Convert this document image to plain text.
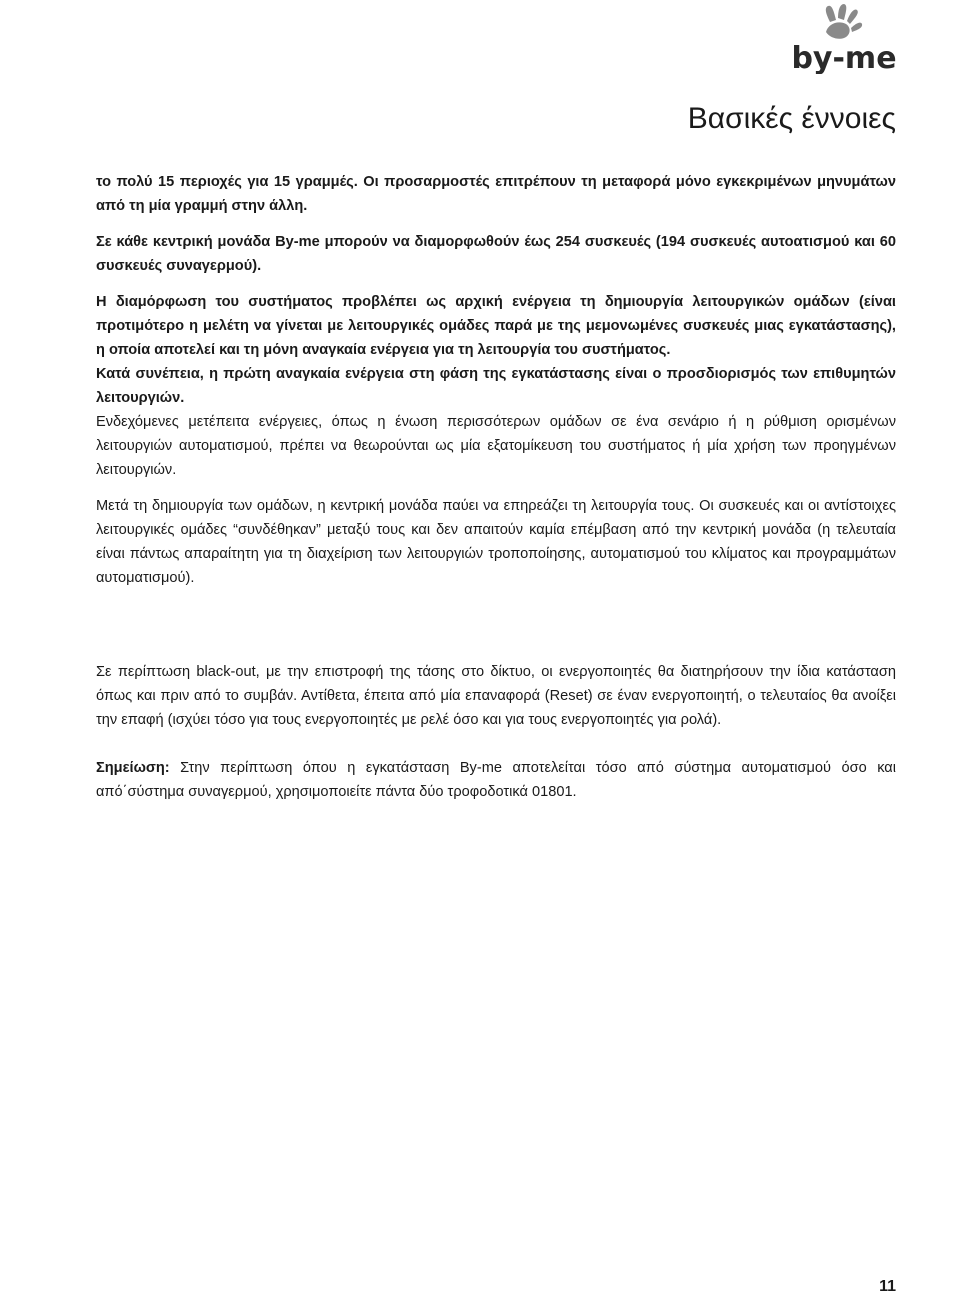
by-me
Βασικές έννοιες

το πολύ 15 περιοχές για 15 γραμμές. Οι προσαρμοστές επιτρέπουν τη μεταφορά μόνο εγκεκριμένων μηνυμάτων από τη μία γραμμή στην άλλη.

Σε κάθε κεντρική μονάδα By-me μπορούν να διαμορφωθούν έως 254 συσκευές (194 συσκευές αυτοατισμού και 60 συσκευές συναγερμού).

Η διαμόρφωση του συστήματος προβλέπει ως αρχική ενέργεια τη δημιουργία λειτουργικών ομάδων (είναι προτιμότερο η μελέτη να γίνεται με λειτουργικές ομάδες παρά με της μεμονωμένες συσκευές μιας εγκατάστασης), η οποία αποτελεί και τη μόνη αναγκαία ενέργεια για τη λειτουργία του συστήματος.

Κατά συνέπεια, η πρώτη αναγκαία ενέργεια στη φάση της εγκατάστασης είναι ο προσδιορισμός των επιθυμητών λειτουργιών.

Ενδεχόμενες μετέπειτα ενέργειες, όπως η ένωση περισσότερων ομάδων σε ένα σενάριο ή η ρύθμιση ορισμένων λειτουργιών αυτοματισμού, πρέπει να θεωρούνται ως μία εξατομίκευση του συστήματος ή μία χρήση των προηγμένων λειτουργιών.

Μετά τη δημιουργία των ομάδων, η κεντρική μονάδα παύει να επηρεάζει τη λειτουργία τους. Οι συσκευές και οι αντίστοιχες λειτουργικές ομάδες “συνδέθηκαν” μεταξύ τους και δεν απαιτούν καμία επέμβαση από την κεντρική μονάδα (η τελευταία είναι πάντως απαραίτητη για τη διαχείριση των λειτουργιών τροποποίησης, αυτοματισμού του κλίματος και προγραμμάτων αυτοματισμού).

Σε περίπτωση black-out, με την επιστροφή της τάσης στο δίκτυο, οι ενεργοποιητές θα διατηρήσουν την ίδια κατάσταση όπως και πριν από το συμβάν. Αντίθετα, έπειτα από μία επαναφορά (Reset) σε έναν ενεργοποιητή, ο τελευταίος θα ανοίξει την επαφή (ισχύει τόσο για τους ενεργοποιητές με ρελέ όσο και για τους ενεργοποιητές για ρολά).

Σημείωση: Στην περίπτωση όπου η εγκατάσταση By-me αποτελείται τόσο από σύστημα αυτοματισμού όσο και από΄σύστημα συναγερμού, χρησιμοποιείτε πάντα δύο τροφοδοτικά 01801.

11
